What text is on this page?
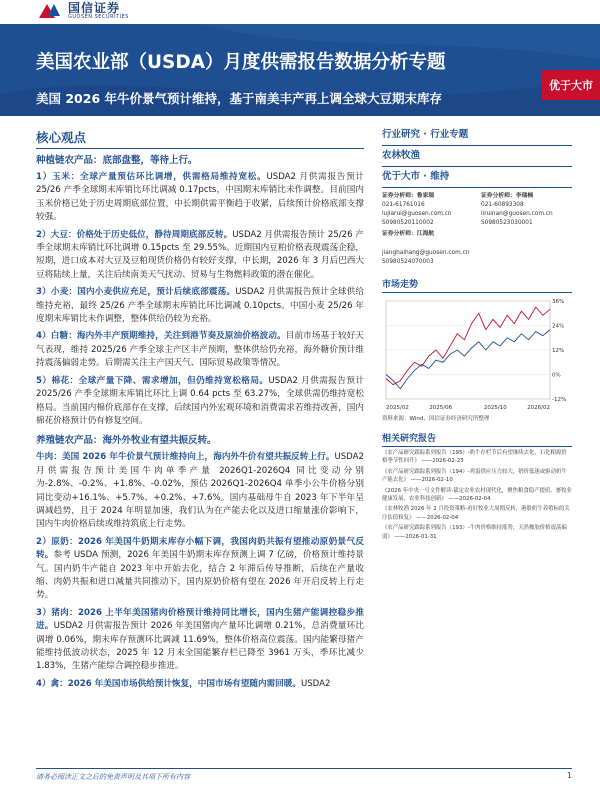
国信证券
GUOSEN SECURITIES
美国农业部（USDA）月度供需报告数据分析专题
美国 2026 年牛价景气预计维持，基于南美丰产再上调全球大豆期末库存
优于大市
核心观点
种植链农产品：底部盘整，等待上行。
1）玉米：全球产量预估环比调增，供需格局维持宽松。USDA2 月供需报告预计 25/26 产季全球期末库销比环比调减 0.17pcts，中国期末库销比未作调整。目前国内玉米价格已处于历史周期底部位置，中长期供需平衡趋于收紧，后续预计价格底部支撑较强。
2）大豆：价格处于历史低位，静待周期底部反转。USDA2 月供需报告预计 25/26 产季全球期末库销比环比调增 0.15pcts 至 29.55%。近期国内豆粕价格表现震荡企稳，短期，进口成本对大豆及豆粕现货价格仍有较好支撑，中长期，2026 年 3 月后巴西大豆将陆续上量，关注后续南美天气扰动、贸易与生物燃料政策的潜在催化。
3）小麦：国内小麦供应充足，预计后续底部震荡。USDA2 月供需报告预计全球供给维持充裕，最终 25/26 产季全球期末库销比环比调减 0.10pcts。中国小麦 25/26 年度期末库销比未作调整，整体供给仍较为充裕。
4）白糖：海内外丰产预期维持，关注到港节奏及原油价格波动。目前市场基于较好天气表现，维持 2025/26 产季全球主产区丰产预期，整体供给仍充裕，海外糖价预计维持震荡偏弱走势。后期需关注主产国天气、国际贸易政策等情况。
5）棉花：全球产量下降、需求增加，但仍维持宽松格局。USDA2 月供需报告预计 2025/26 产季全球期末库销比环比上调 0.64 pcts 至 63.27%，全球供需仍维持宽松格局。当前国内棉价底部存在支撑，后续国内外宏观环境和消费需求若维持改善，国内棉花价格预计仍有修复空间。
养殖链农产品：海外外牧业有望共振反转。
牛肉：美国 2026 年牛价景气预计维持向上，海内外牛价有望共振反转上行。USDA2 月供需报告预计美国牛肉单季产量 2026Q1-2026Q4 同比变动分别为-2.8%、-0.2%、+1.8%、-0.02%，预估 2026Q1-2026Q4 单季小公牛价格分别同比变动+16.1%、+5.7%、+0.2%、+7.6%。国内基础母牛自 2023 年下半年呈调减趋势，且于 2024 年明显加速，我们认为在产能去化以及进口缩量涨价影响下，国内牛肉价格后续或维持筑底上行走势。
2）原奶：2026 年美国牛奶期末库存小幅下调，我国肉奶共振有望推动原奶景气反转。参考 USDA 预测，2026 年美国牛奶期末库存预测上调 7 亿磅，价格预计维持景气。国内奶牛产能自 2023 年中开始去化，结合 2 年滞后传导推断，后续在产量收缩、肉奶共振和进口减量共同推动下，国内原奶价格有望在 2026 年开启反转上行走势。
3）猪肉：2026 上半年美国猪肉价格预计维持同比增长，国内生猪产能调控稳步推进。USDA2 月供需报告预计 2026 年美国猪肉产量环比调增 0.21%，总消费量环比调增 0.06%，期末库存预测环比调减 11.69%，整体价格高位震荡。国内能繁母猪产能维持低波动状态，2025 年 12 月末全国能繁存栏已降至 3961 万头，季环比减少 1.83%，生猪产能综合调控稳步推进。
4）禽：2026 年美国市场供给预计恢复，中国市场有望随内需回暖。USDA2
行业研究 · 行业专题
农林牧渔
优于大市 · 维持
证券分析师：鲁家瑞
021-61761016
lujiarui@guosen.com.cn
S0980520110002
证券分析师：李瑞楠
021-60893308
liruinan@guosen.com.cn
S0980523030001
证券分析师：江海航
jianghaihang@guosen.com.cn
S0980524070003
市场走势
36%
24%
12%
0%
-12%
2025/02	2025/06	2025/10	2026/02
资料来源：Wind、国信证券经济研究所整理
相关研究报告
《农产品研究跟踪系列报告（195）-奶牛存栏节后有望继续去化，石化粮源价格季节性回升》 ——2026-02-23
《农产品研究跟踪系列报告（194）-鸡蛋供应压力较大，奶价低迷或驱动奶牛产能去化》 ——2026-02-10
《2026 年中央一号文件解读-锚定农业农村现代化，聚焦粮食稳产提质、畜牧业健康发展、农业科技创新》 ——2026-02-04
《农林牧渔 2026 年 2 月投资策略-看好牧业大周期反转，港股奶牛养殖标的关注估值修复》 ——2026-02-04
《农产品研究跟踪系列报告（193）-牛肉价格维持涨势，天然橡胶价格震荡偏弱》 ——2026-01-31
请务必阅读正文之后的免责声明及其项下所有内容	1
